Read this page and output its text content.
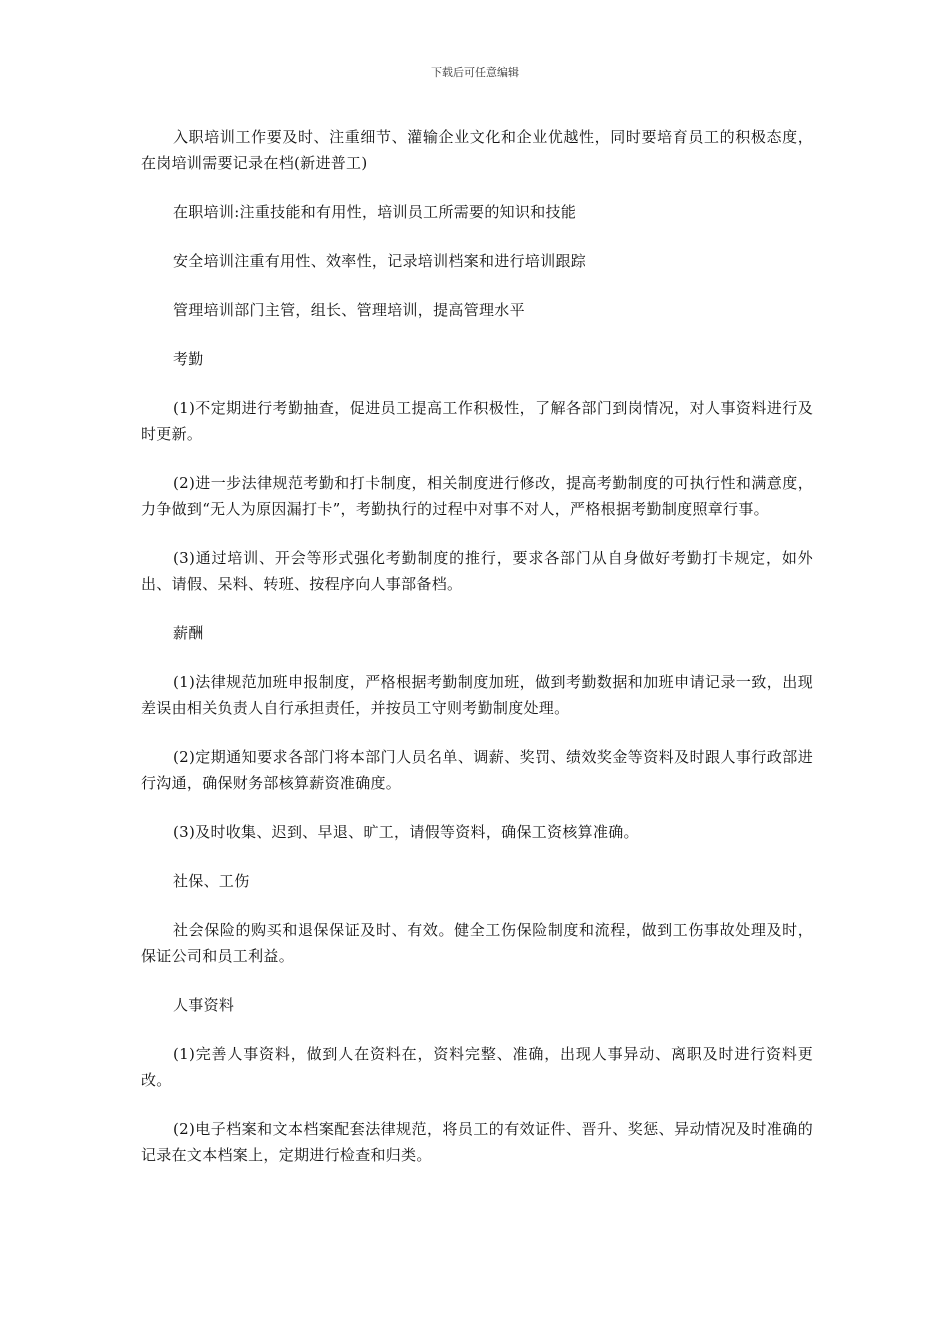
下载后可任意编辑

入职培训工作要及时、注重细节、灌输企业文化和企业优越性，同时要培育员工的积极态度，在岗培训需要记录在档(新进普工)

在职培训:注重技能和有用性，培训员工所需要的知识和技能

安全培训注重有用性、效率性，记录培训档案和进行培训跟踪

管理培训部门主管，组长、管理培训，提高管理水平

考勤

(1)不定期进行考勤抽查，促进员工提高工作积极性，了解各部门到岗情况，对人事资料进行及时更新。

(2)进一步法律规范考勤和打卡制度，相关制度进行修改，提高考勤制度的可执行性和满意度，力争做到“无人为原因漏打卡”，考勤执行的过程中对事不对人，严格根据考勤制度照章行事。

(3)通过培训、开会等形式强化考勤制度的推行，要求各部门从自身做好考勤打卡规定，如外出、请假、呆料、转班、按程序向人事部备档。

薪酬

(1)法律规范加班申报制度，严格根据考勤制度加班，做到考勤数据和加班申请记录一致，出现差误由相关负责人自行承担责任，并按员工守则考勤制度处理。

(2)定期通知要求各部门将本部门人员名单、调薪、奖罚、绩效奖金等资料及时跟人事行政部进行沟通，确保财务部核算薪资准确度。

(3)及时收集、迟到、早退、旷工，请假等资料，确保工资核算准确。

社保、工伤

社会保险的购买和退保保证及时、有效。健全工伤保险制度和流程，做到工伤事故处理及时，保证公司和员工利益。

人事资料

(1)完善人事资料，做到人在资料在，资料完整、准确，出现人事异动、离职及时进行资料更改。

(2)电子档案和文本档案配套法律规范，将员工的有效证件、晋升、奖惩、异动情况及时准确的记录在文本档案上，定期进行检查和归类。
